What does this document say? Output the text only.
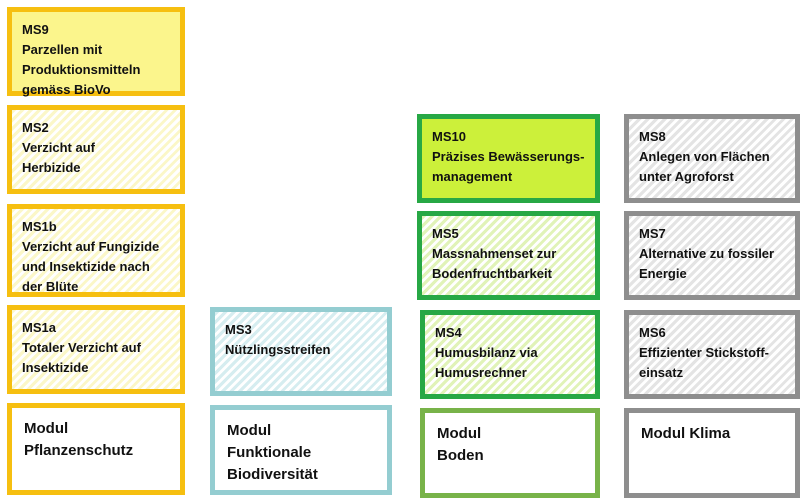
MS9
Parzellen mit
Produktionsmitteln
gemäss BioVo
MS2
Verzicht auf
Herbizide
MS1b
Verzicht auf Fungizide
und Insektizide nach
der Blüte
MS1a
Totaler Verzicht auf
Insektizide
Modul
Pflanzenschutz
MS3
Nützlingsstreifen
Modul
Funktionale
Biodiversität
MS10
Präzises Bewässerungs-
management
MS5
Massnahmenset zur
Bodenfruchtbarkeit
MS4
Humusbilanz via
Humusrechner
Modul
Boden
MS8
Anlegen von Flächen
unter Agroforst
MS7
Alternative zu fossiler
Energie
MS6
Effizienter Stickstoff-
einsatz
Modul Klima
